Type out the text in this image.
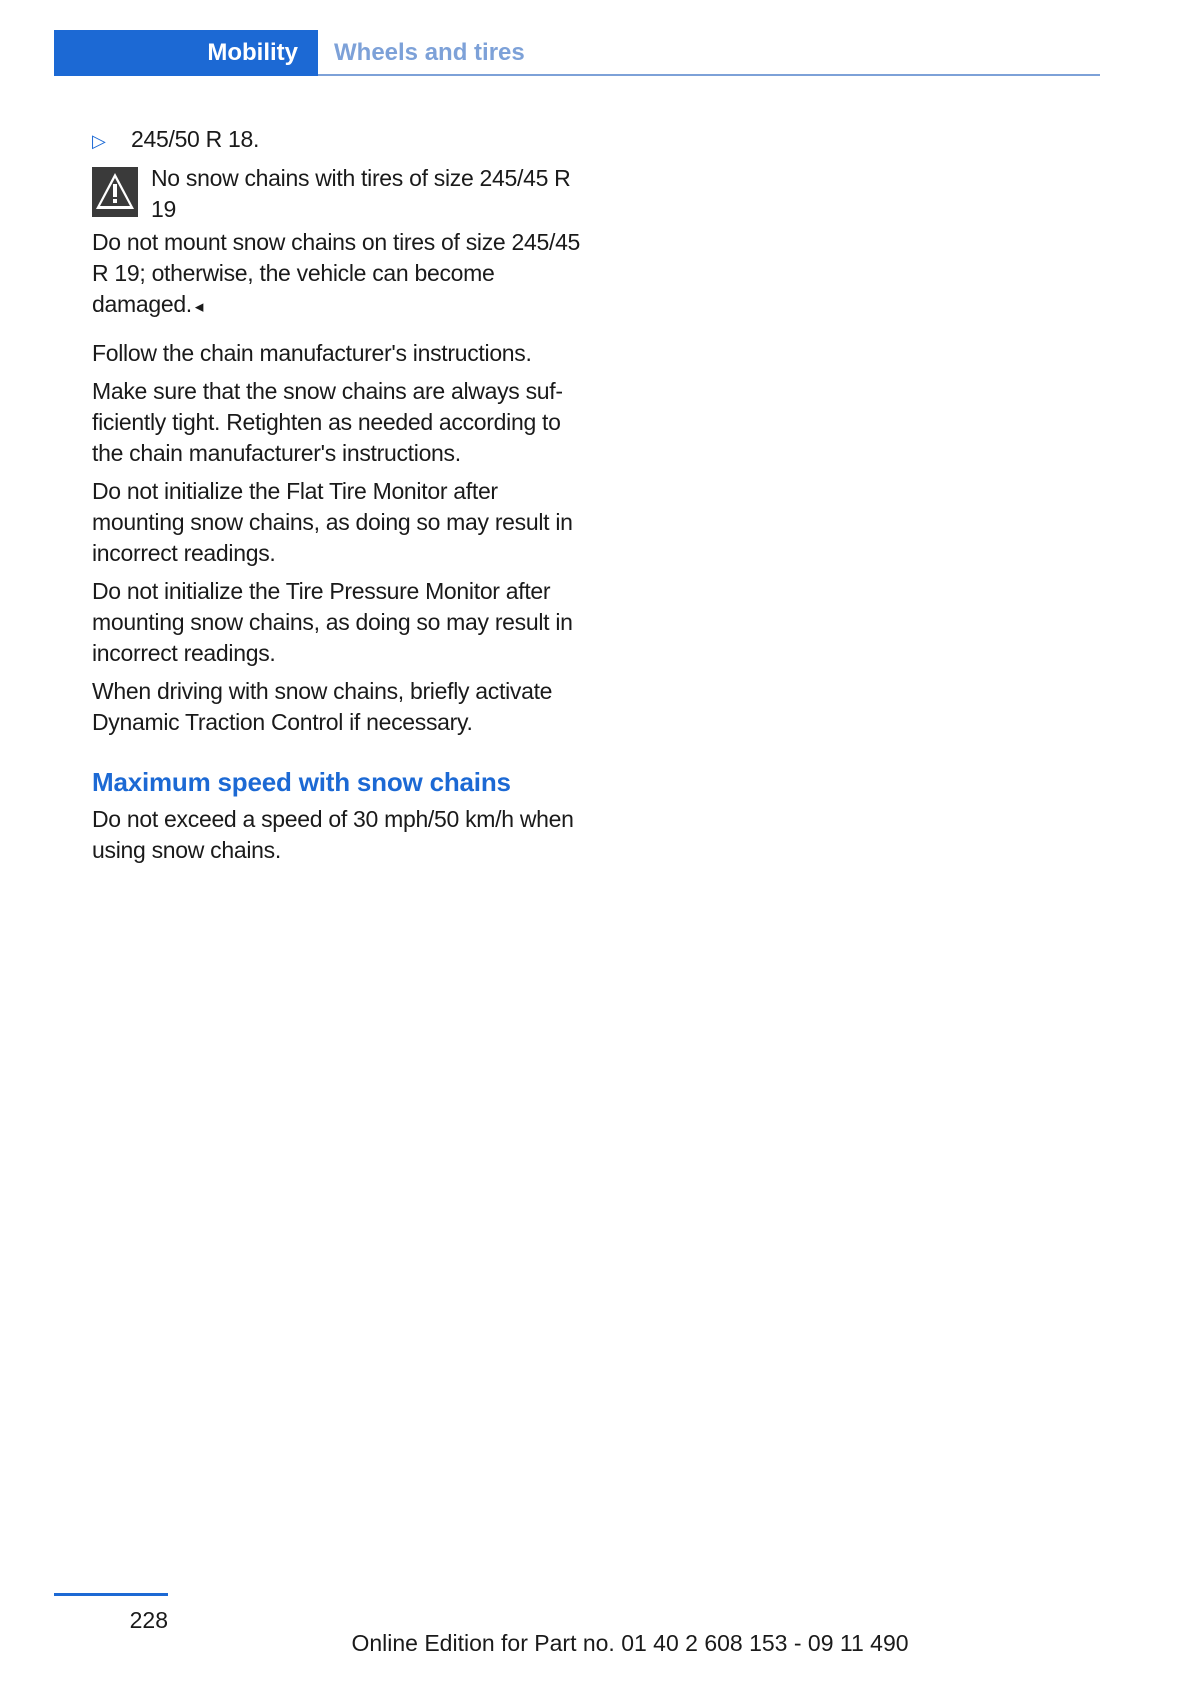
Mobility Wheels and tires
▷	245/50 R 18.
No snow chains with tires of size 245/45 R 19

Do not mount snow chains on tires of size 245/45 R 19; otherwise, the vehicle can become damaged. ◂

Follow the chain manufacturer's instructions.

Make sure that the snow chains are always sufficiently tight. Retighten as needed according to the chain manufacturer's instructions.

Do not initialize the Flat Tire Monitor after mounting snow chains, as doing so may result in incorrect readings.

Do not initialize the Tire Pressure Monitor after mounting snow chains, as doing so may result in incorrect readings.

When driving with snow chains, briefly activate Dynamic Traction Control if necessary.

Maximum speed with snow chains

Do not exceed a speed of 30 mph/50 km/h when using snow chains.

228
Online Edition for Part no. 01 40 2 608 153 - 09 11 490
